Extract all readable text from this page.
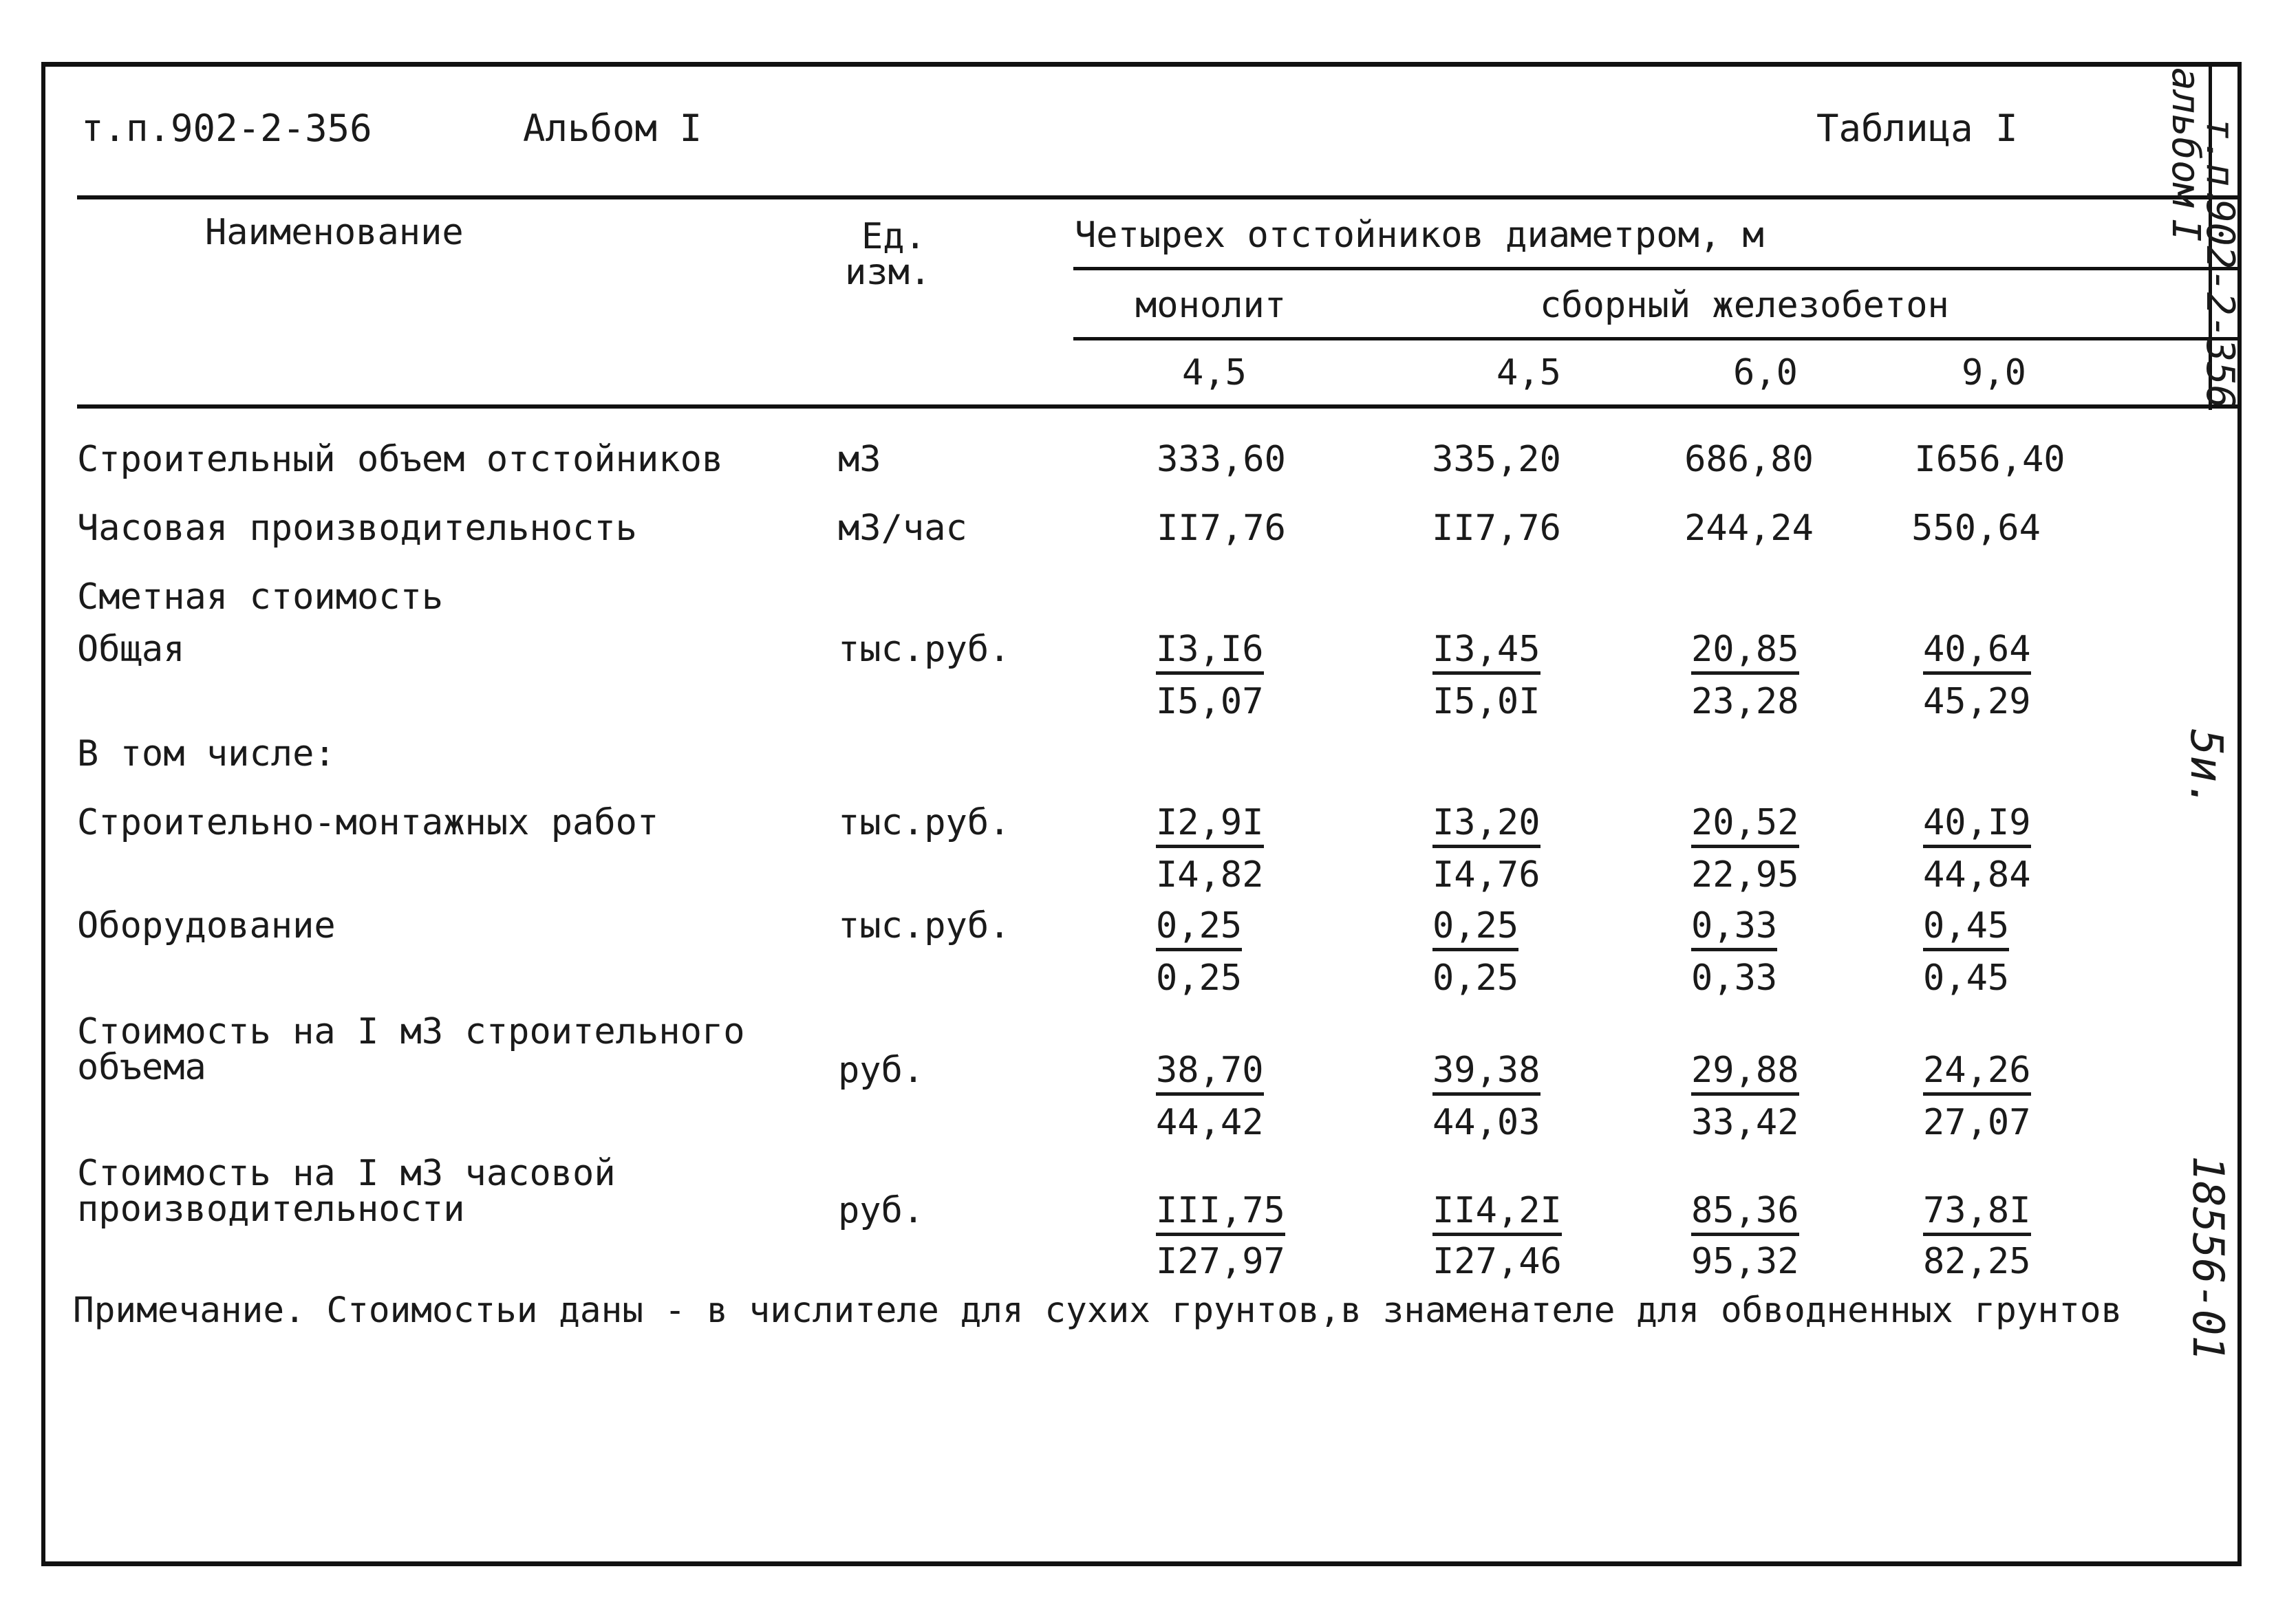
т.п.902-2-356	Альбом I	Таблица I
Наименование	Ед.
изм.
Четырех отстойников диаметром, м
монолит	сборный железобетон
4,5	4,5	6,0	9,0
Строительный объем отстойников	м3	333,60	335,20	686,80	I656,40
Часовая производительность	м3/час	II7,76	II7,76	244,24	550,64
Сметная стоимость
Общая	тыс.руб.	I3,I6	I3,45	20,85	40,64
I5,07	I5,0I	23,28	45,29
В том числе:
Строительно-монтажных работ	тыс.руб.	I2,9I	I3,20	20,52	40,I9
I4,82	I4,76	22,95	44,84
Оборудование	тыс.руб.	0,25	0,25	0,33	0,45
0,25	0,25	0,33	0,45
Стоимость на I м3 строительного
объема	руб.	38,70	39,38	29,88	24,26
44,42	44,03	33,42	27,07
Стоимость на I м3 часовой
производительности	руб.	III,75	II4,2I	85,36	73,8I
I27,97	I27,46	95,32	82,25
Примечание. Стоимостьи даны - в числителе для сухих грунтов,в знаменателе для обводненных грунтов
т.п.
альбом
902-2-356
I
5и.
18556-01
